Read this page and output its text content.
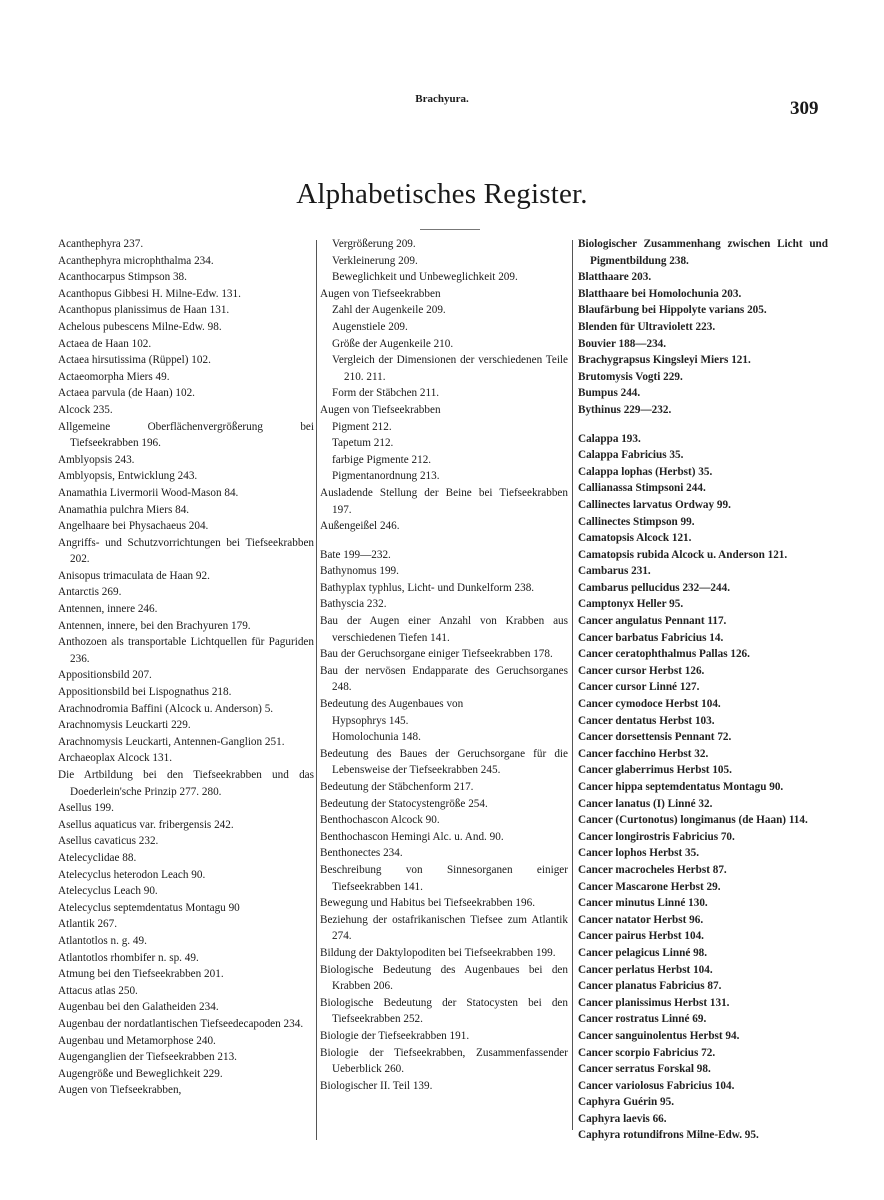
Brachyura.	309
Alphabetisches Register.

Acanthephyra 237.

Acanthephyra microphthalma 234.

Acanthocarpus Stimpson 38.

Acanthopus Gibbesi H. Milne-Edw. 131.

Acanthopus planissimus de Haan 131.

Achelous pubescens Milne-Edw. 98.

Actaea de Haan 102.

Actaea hirsutissima (Rüppel) 102.

Actaeomorpha Miers 49.

Actaea parvula (de Haan) 102.

Alcock 235.

Allgemeine Oberflächenvergrößerung bei Tiefseekrabben 196.

Amblyopsis 243.

Amblyopsis, Entwicklung 243.

Anamathia Livermorii Wood-Mason 84.

Anamathia pulchra Miers 84.

Angelhaare bei Physachaeus 204.

Angriffs- und Schutzvorrichtungen bei Tiefseekrabben 202.

Anisopus trimaculata de Haan 92.

Antarctis 269.

Antennen, innere 246.

Antennen, innere, bei den Brachyuren 179.

Anthozoen als transportable Lichtquellen für Paguriden 236.

Appositionsbild 207.

Appositionsbild bei Lispognathus 218.

Arachnodromia Baffini (Alcock u. Anderson) 5.

Arachnomysis Leuckarti 229.

Arachnomysis Leuckarti, Antennen-Ganglion 251.

Archaeoplax Alcock 131.

Die Artbildung bei den Tiefseekrabben und das Doederlein'sche Prinzip 277. 280.

Asellus 199.

Asellus aquaticus var. fribergensis 242.

Asellus cavaticus 232.

Atelecyclidae 88.

Atelecyclus heterodon Leach 90.

Atelecyclus Leach 90.

Atelecyclus septemdentatus Montagu 90

Atlantik 267.

Atlantotlos n. g. 49.

Atlantotlos rhombifer n. sp. 49.

Atmung bei den Tiefseekrabben 201.

Attacus atlas 250.

Augenbau bei den Galatheiden 234.

Augenbau der nordatlantischen Tiefseedecapoden 234.

Augenbau und Metamorphose 240.

Augenganglien der Tiefseekrabben 213.

Augengröße und Beweglichkeit 229.

Augen von Tiefseekrabben,

Vergrößerung 209.

Verkleinerung 209.

Beweglichkeit und Unbeweglichkeit 209.

Augen von Tiefseekrabben

Zahl der Augenkeile 209.

Augenstiele 209.

Größe der Augenkeile 210.

Vergleich der Dimensionen der verschiedenen Teile 210. 211.

Form der Stäbchen 211.

Augen von Tiefseekrabben

Pigment 212.

Tapetum 212.

farbige Pigmente 212.

Pigmentanordnung 213.

Ausladende Stellung der Beine bei Tiefseekrabben 197.

Außengeißel 246.

Bate 199—232.

Bathynomus 199.

Bathyplax typhlus, Licht- und Dunkelform 238.

Bathyscia 232.

Bau der Augen einer Anzahl von Krabben aus verschiedenen Tiefen 141.

Bau der Geruchsorgane einiger Tiefseekrabben 178.

Bau der nervösen Endapparate des Geruchsorganes 248.

Bedeutung des Augenbaues von

Hypsophrys 145.

Homolochunia 148.

Bedeutung des Baues der Geruchsorgane für die Lebensweise der Tiefseekrabben 245.

Bedeutung der Stäbchenform 217.

Bedeutung der Statocystengröße 254.

Benthochascon Alcock 90.

Benthochascon Hemingi Alc. u. And. 90.

Benthonectes 234.

Beschreibung von Sinnesorganen einiger Tiefseekrabben 141.

Bewegung und Habitus bei Tiefseekrabben 196.

Beziehung der ostafrikanischen Tiefsee zum Atlantik 274.

Bildung der Daktylopoditen bei Tiefseekrabben 199.

Biologische Bedeutung des Augenbaues bei den Krabben 206.

Biologische Bedeutung der Statocysten bei den Tiefseekrabben 252.

Biologie der Tiefseekrabben 191.

Biologie der Tiefseekrabben, Zusammenfassender Ueberblick 260.

Biologischer II. Teil 139.

Biologischer Zusammenhang zwischen Licht und Pigmentbildung 238.

Blatthaare 203.

Blatthaare bei Homolochunia 203.

Blaufärbung bei Hippolyte varians 205.

Blenden für Ultraviolett 223.

Bouvier 188—234.

Brachygrapsus Kingsleyi Miers 121.

Brutomysis Vogti 229.

Bumpus 244.

Bythinus 229—232.

Calappa 193.

Calappa Fabricius 35.

Calappa lophas (Herbst) 35.

Callianassa Stimpsoni 244.

Callinectes larvatus Ordway 99.

Callinectes Stimpson 99.

Camatopsis Alcock 121.

Camatopsis rubida Alcock u. Anderson 121.

Cambarus 231.

Cambarus pellucidus 232—244.

Camptonyx Heller 95.

Cancer angulatus Pennant 117.

Cancer barbatus Fabricius 14.

Cancer ceratophthalmus Pallas 126.

Cancer cursor Herbst 126.

Cancer cursor Linné 127.

Cancer cymodoce Herbst 104.

Cancer dentatus Herbst 103.

Cancer dorsettensis Pennant 72.

Cancer facchino Herbst 32.

Cancer glaberrimus Herbst 105.

Cancer hippa septemdentatus Montagu 90.

Cancer lanatus (I) Linné 32.

Cancer (Curtonotus) longimanus (de Haan) 114.

Cancer longirostris Fabricius 70.

Cancer lophos Herbst 35.

Cancer macrocheles Herbst 87.

Cancer Mascarone Herbst 29.

Cancer minutus Linné 130.

Cancer natator Herbst 96.

Cancer pairus Herbst 104.

Cancer pelagicus Linné 98.

Cancer perlatus Herbst 104.

Cancer planatus Fabricius 87.

Cancer planissimus Herbst 131.

Cancer rostratus Linné 69.

Cancer sanguinolentus Herbst 94.

Cancer scorpio Fabricius 72.

Cancer serratus Forskal 98.

Cancer variolosus Fabricius 104.

Caphyra Guérin 95.

Caphyra laevis 66.

Caphyra rotundifrons Milne-Edw. 95.
